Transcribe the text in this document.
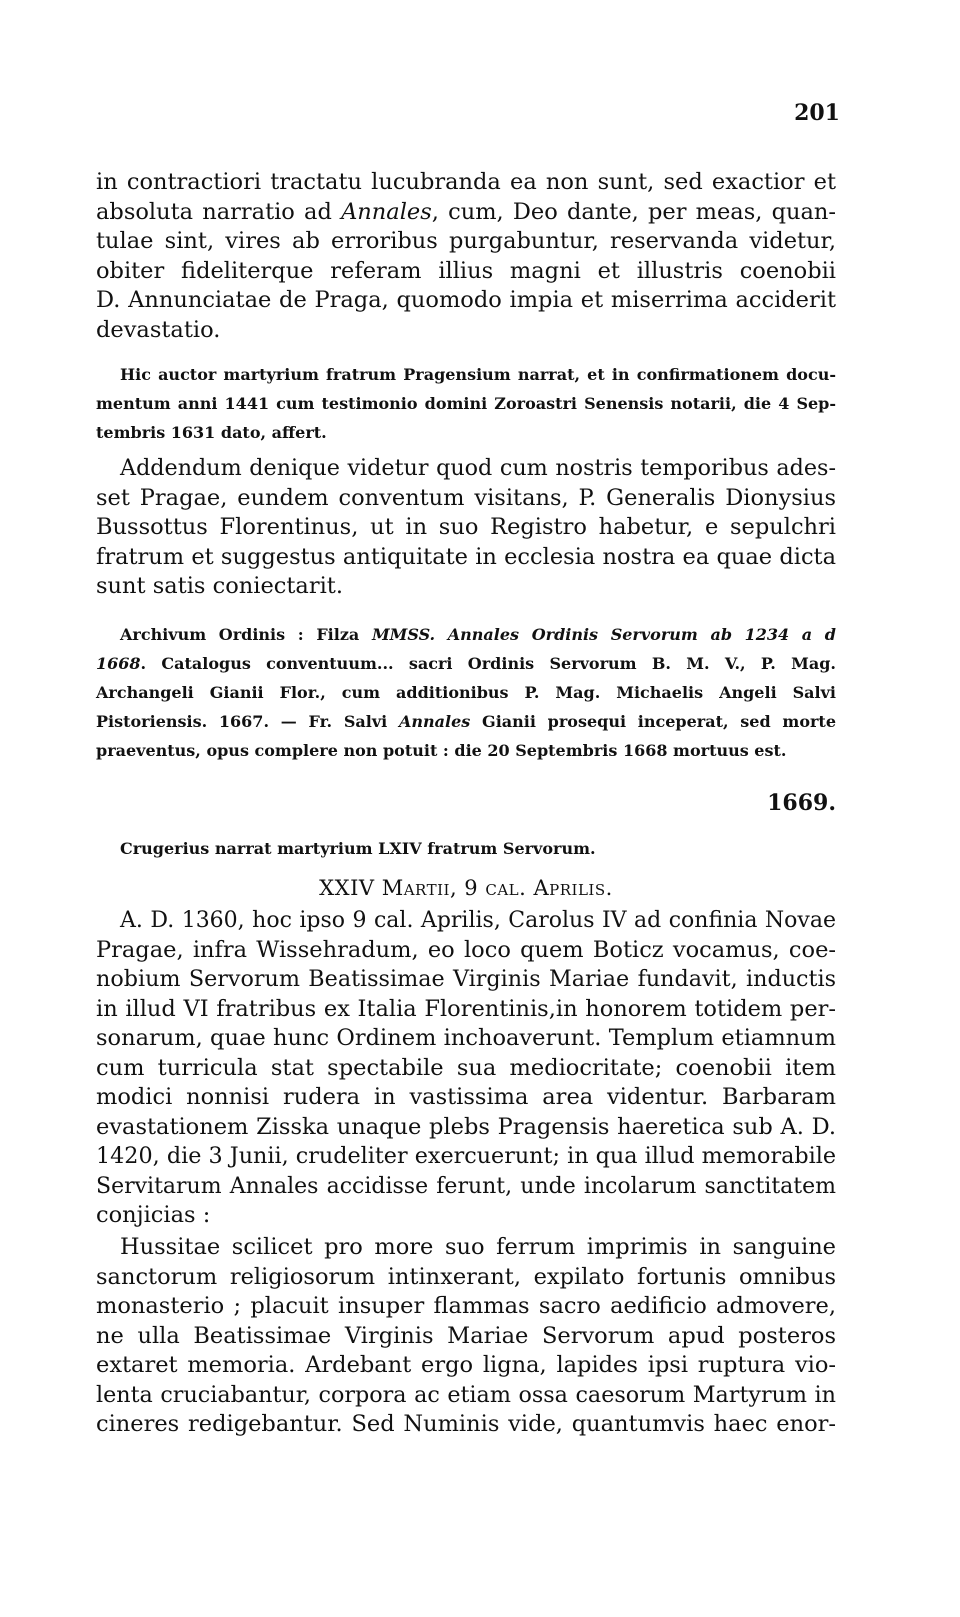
201
in contractiori tractatu lucubranda ea non sunt, sed exactior et
absoluta narratio ad Annales, cum, Deo dante, per meas, quan-
tulae sint, vires ab erroribus purgabuntur, reservanda videtur,
obiter fideliterque referam illius magni et illustris coenobii
D. Annunciatae de Praga, quomodo impia et miserrima acciderit
devastatio.
Hic auctor martyrium fratrum Pragensium narrat, et in confirmationem docu-
mentum anni 1441 cum testimonio domini Zoroastri Senensis notarii, die 4 Sep-
tembris 1631 dato, affert.
Addendum denique videtur quod cum nostris temporibus ades-
set Pragae, eundem conventum visitans, P. Generalis Dionysius
Bussottus Florentinus, ut in suo Registro habetur, e sepulchri
fratrum et suggestus antiquitate in ecclesia nostra ea quae dicta
sunt satis coniectarit.
Archivum Ordinis : Filza MMSS. Annales Ordinis Servorum ab 1234 a d
1668. Catalogus conventuum... sacri Ordinis Servorum B. M. V., P. Mag.
Archangeli Gianii Flor., cum additionibus P. Mag. Michaelis Angeli Salvi
Pistoriensis. 1667. — Fr. Salvi Annales Gianii prosequi inceperat, sed morte
praeventus, opus complere non potuit : die 20 Septembris 1668 mortuus est.
1669.
Crugerius narrat martyrium LXIV fratrum Servorum.
XXIV Martii, 9 cal. Aprilis.
A. D. 1360, hoc ipso 9 cal. Aprilis, Carolus IV ad confinia Novae
Pragae, infra Wissehradum, eo loco quem Boticz vocamus, coe-
nobium Servorum Beatissimae Virginis Mariae fundavit, inductis
in illud VI fratribus ex Italia Florentinis,in honorem totidem per-
sonarum, quae hunc Ordinem inchoaverunt. Templum etiamnum
cum turricula stat spectabile sua mediocritate; coenobii item
modici nonnisi rudera in vastissima area videntur. Barbaram
evastationem Zisska unaque plebs Pragensis haeretica sub A. D.
1420, die 3 Junii, crudeliter exercuerunt; in qua illud memorabile
Servitarum Annales accidisse ferunt, unde incolarum sanctitatem
conjicias :
Hussitae scilicet pro more suo ferrum imprimis in sanguine
sanctorum religiosorum intinxerant, expilato fortunis omnibus
monasterio ; placuit insuper flammas sacro aedificio admovere,
ne ulla Beatissimae Virginis Mariae Servorum apud posteros
extaret memoria. Ardebant ergo ligna, lapides ipsi ruptura vio-
lenta cruciabantur, corpora ac etiam ossa caesorum Martyrum in
cineres redigebantur. Sed Numinis vide, quantumvis haec enor-
